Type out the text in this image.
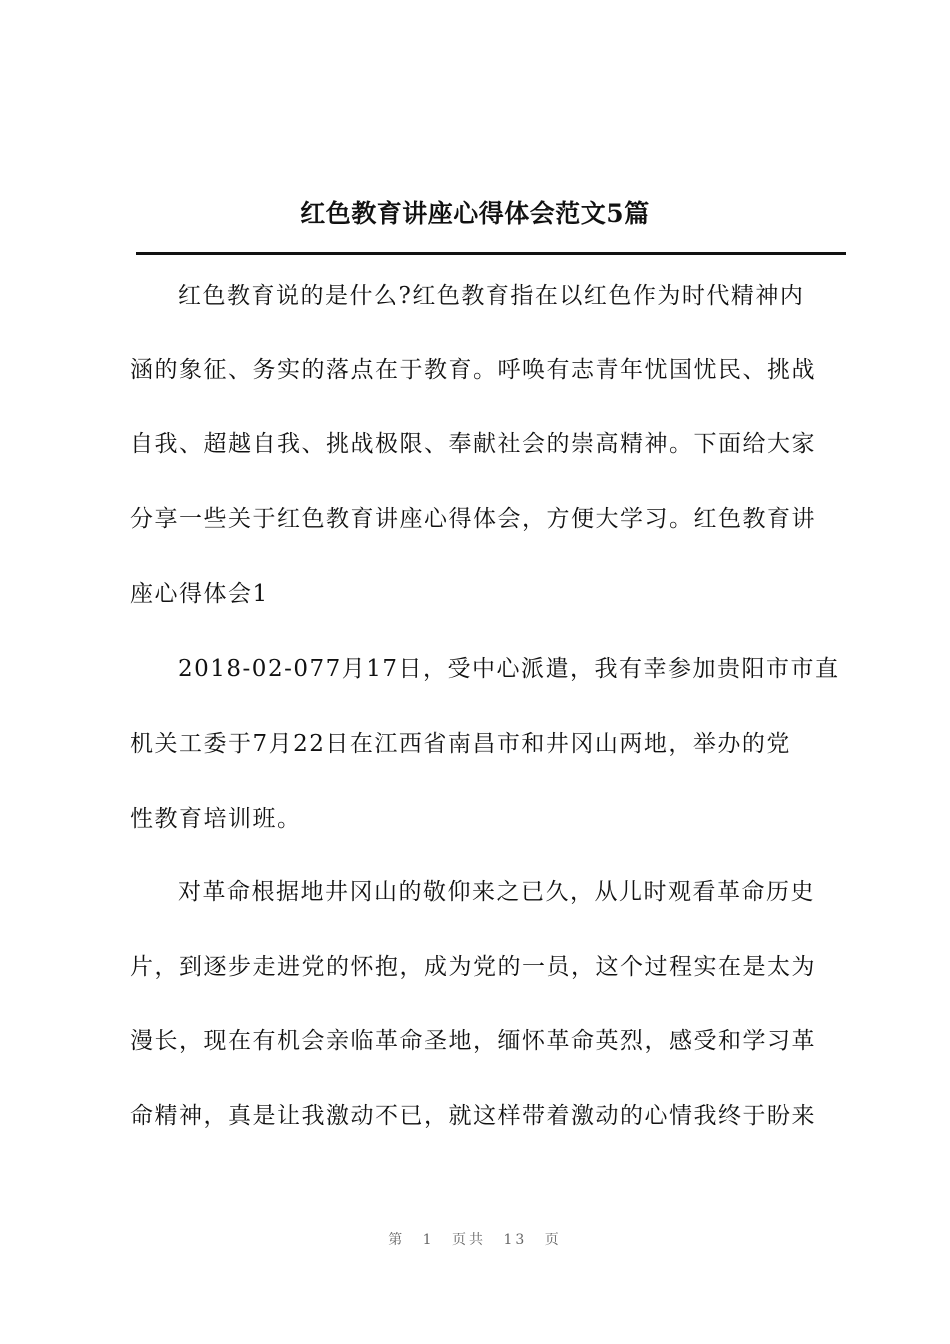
红色教育讲座心得体会范文5篇
红色教育说的是什么?红色教育指在以红色作为时代精神内
涵的象征、务实的落点在于教育。呼唤有志青年忧国忧民、挑战
自我、超越自我、挑战极限、奉献社会的崇高精神。下面给大家
分享一些关于红色教育讲座心得体会，方便大学习。红色教育讲
座心得体会1
2018-02-077月17日，受中心派遣，我有幸参加贵阳市市直
机关工委于7月22日在江西省南昌市和井冈山两地，举办的党
性教育培训班。
对革命根据地井冈山的敬仰来之已久，从儿时观看革命历史
片，到逐步走进党的怀抱，成为党的一员，这个过程实在是太为
漫长，现在有机会亲临革命圣地，缅怀革命英烈，感受和学习革
命精神，真是让我激动不已，就这样带着激动的心情我终于盼来
第 1 页共 13 页
